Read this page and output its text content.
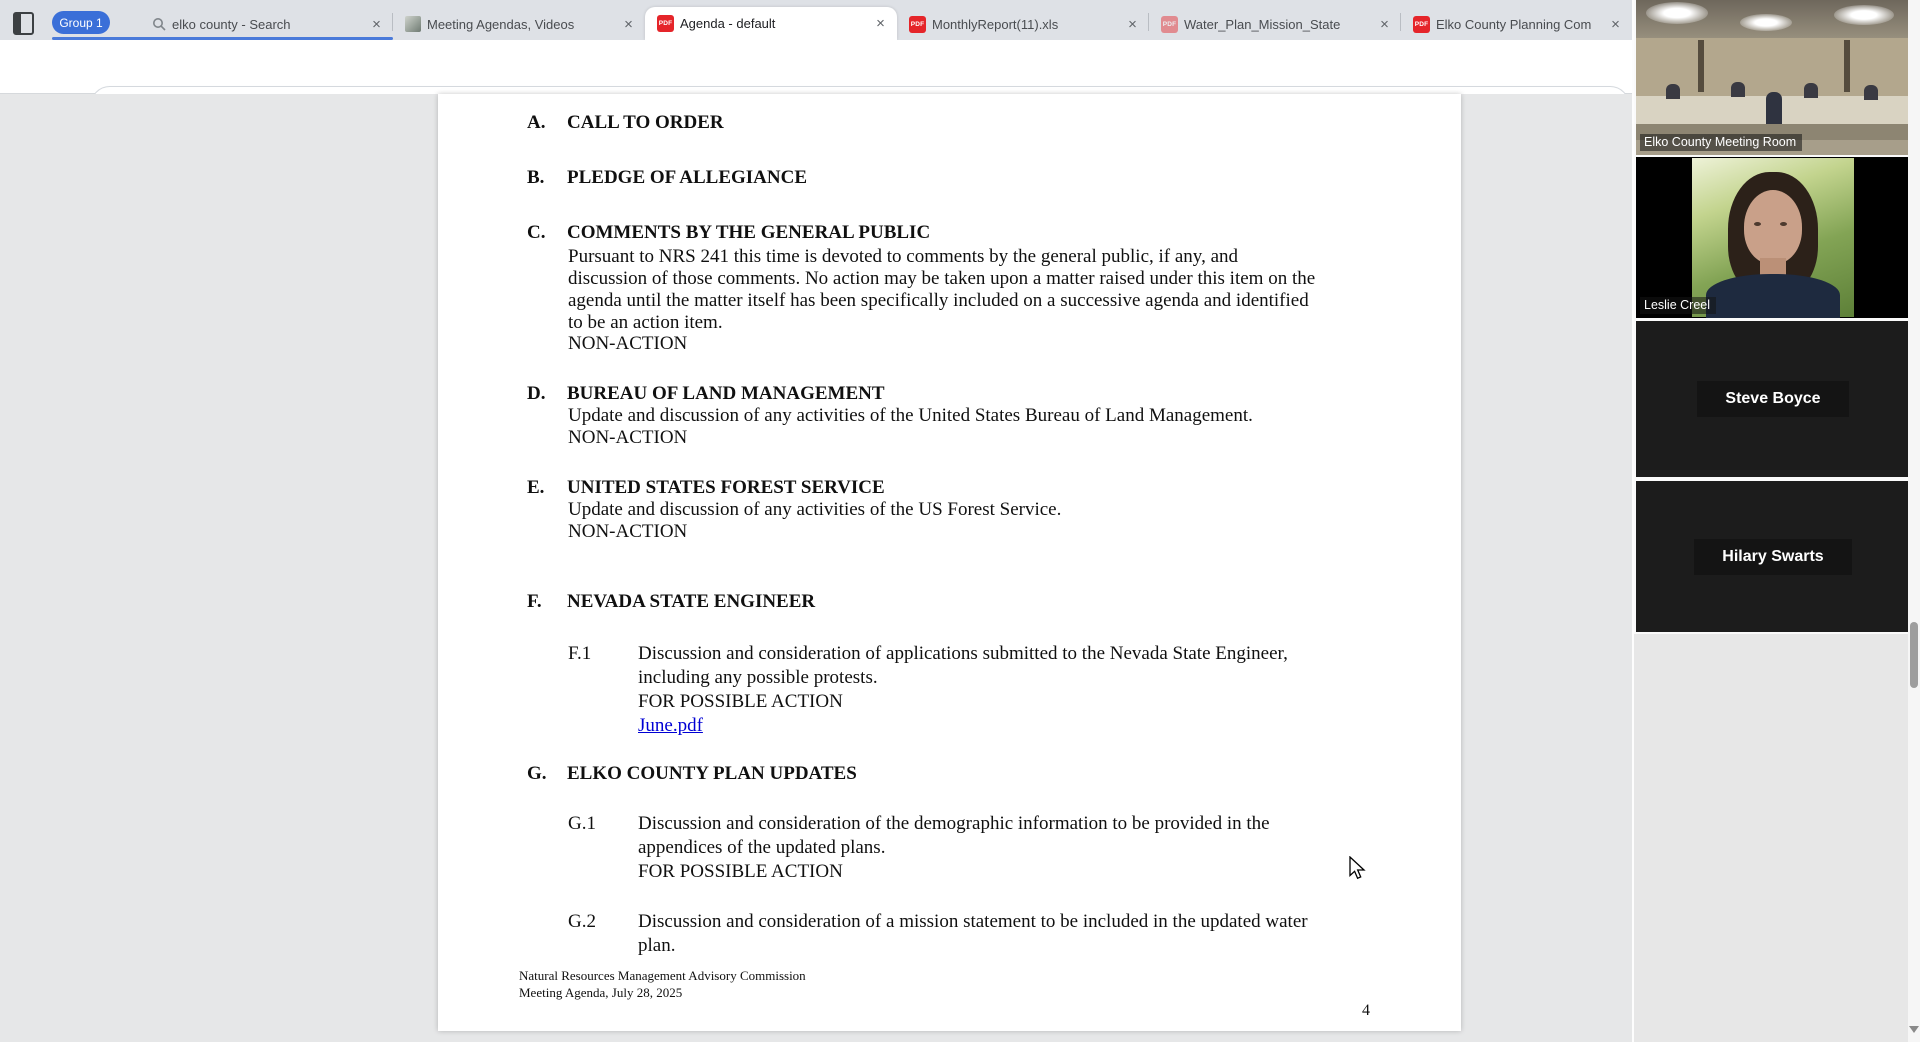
Group 1	elko county - Search	×	Meeting Agendas, Videos	×	PDF Agenda - default	×	PDF MonthlyReport(11).xls	×	PDF Water_Plan_Mission_State	×	PDF Elko County Planning Com	×
A. CALL TO ORDER
B. PLEDGE OF ALLEGIANCE
C. COMMENTS BY THE GENERAL PUBLIC
Pursuant to NRS 241 this time is devoted to comments by the general public, if any, and
discussion of those comments. No action may be taken upon a matter raised under this item on the
agenda until the matter itself has been specifically included on a successive agenda and identified
to be an action item.
NON-ACTION
D. BUREAU OF LAND MANAGEMENT
Update and discussion of any activities of the United States Bureau of Land Management.
NON-ACTION
E. UNITED STATES FOREST SERVICE
Update and discussion of any activities of the US Forest Service.
NON-ACTION
F. NEVADA STATE ENGINEER
F.1 Discussion and consideration of applications submitted to the Nevada State Engineer,
including any possible protests.
FOR POSSIBLE ACTION
June.pdf
G. ELKO COUNTY PLAN UPDATES
G.1 Discussion and consideration of the demographic information to be provided in the
appendices of the updated plans.
FOR POSSIBLE ACTION
G.2 Discussion and consideration of a mission statement to be included in the updated water
plan.
Natural Resources Management Advisory Commission
Meeting Agenda, July 28, 2025
4
Elko County Meeting Room
Leslie Creel
Steve Boyce
Hilary Swarts
